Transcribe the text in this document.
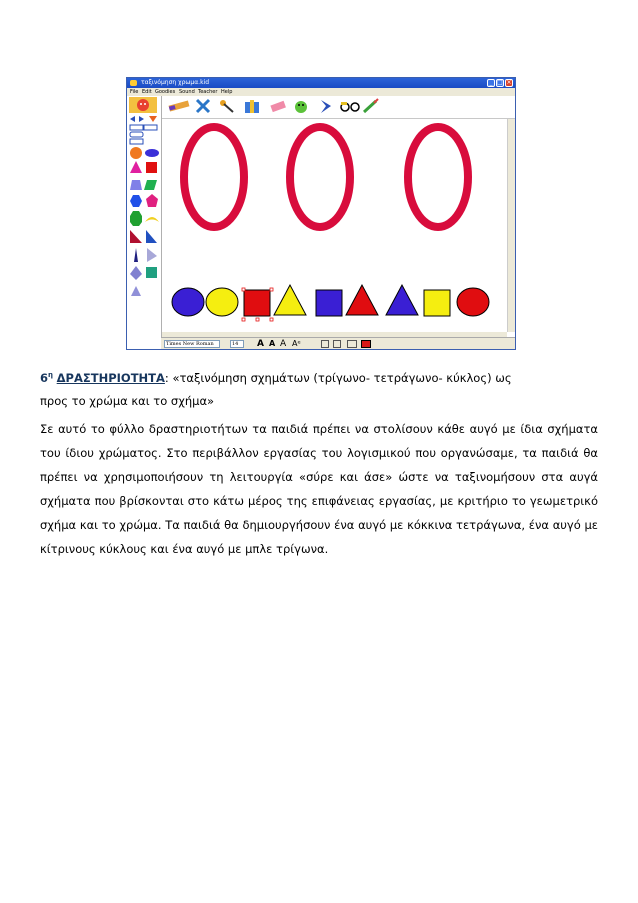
ταξινόμηση χρωμα.kid	_ □ ×
File Edit Goodies Sound Teacher Help
Times New Roman	14	A A A Aᵉ
$6^\eta$ ΔΡΑΣΤΗΡΙΟΤΗΤΑ: «ταξινόμηση σχημάτων (τρίγωνο- τετράγωνο- κύκλος) ως
προς το χρώμα και το σχήμα»
Σε αυτό το φύλλο δραστηριοτήτων τα παιδιά πρέπει να στολίσουν κάθε αυγό με ίδια σχήματα του ίδιου χρώματος. Στο περιβάλλον εργασίας του λογισμικού που οργανώσαμε, τα παιδιά θα πρέπει να χρησιμοποιήσουν τη λειτουργία «σύρε και άσε» ώστε να ταξινομήσουν στα αυγά σχήματα που βρίσκονται στο κάτω μέρος της επιφάνειας εργασίας, με κριτήριο το γεωμετρικό σχήμα και το χρώμα. Τα παιδιά θα δημιουργήσουν ένα αυγό με κόκκινα τετράγωνα, ένα αυγό με κίτρινους κύκλους και ένα αυγό με μπλε τρίγωνα.
